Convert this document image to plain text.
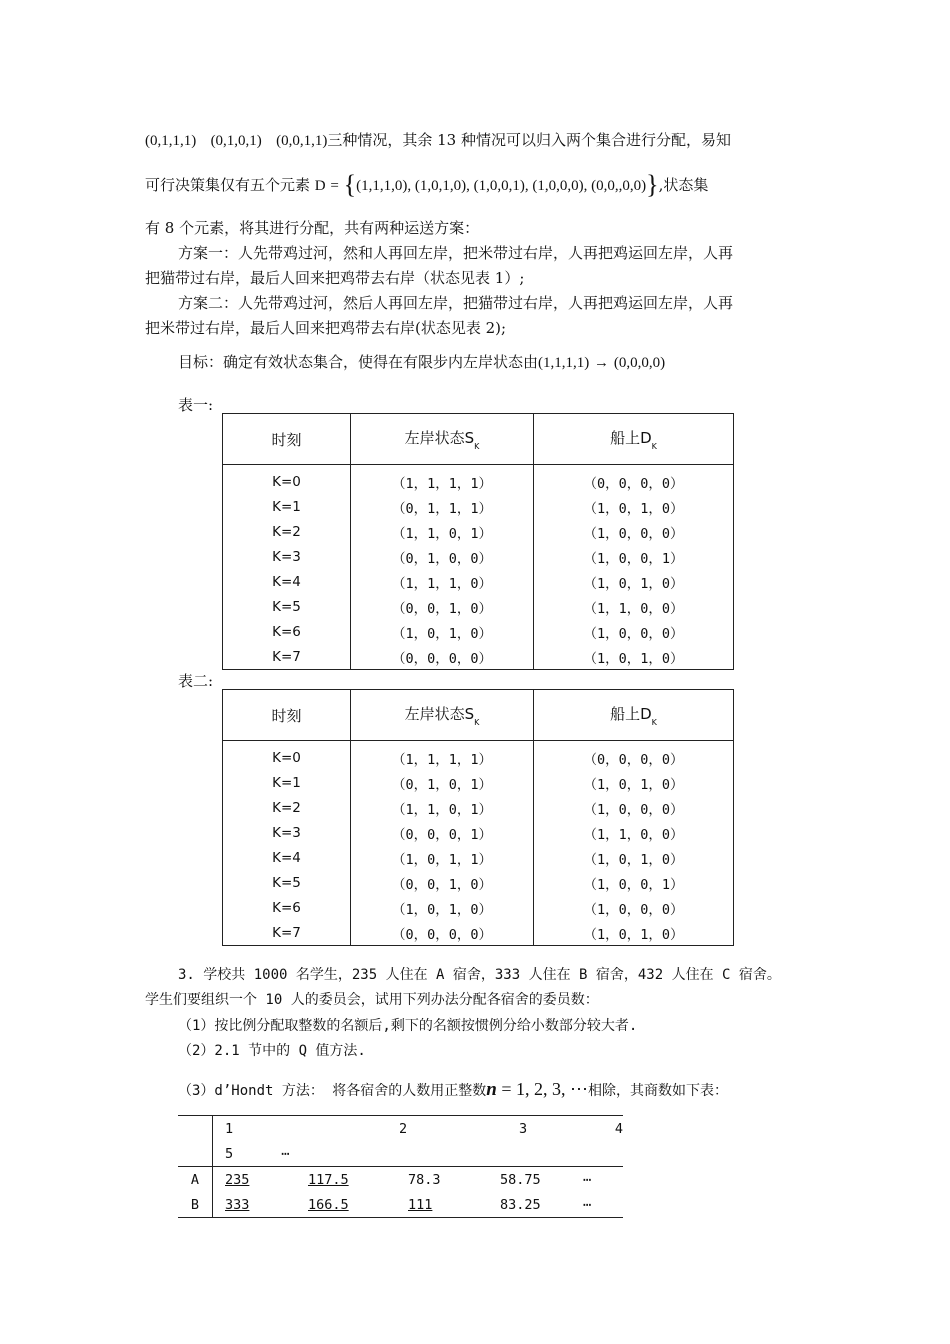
(0,1,1,1) (0,1,0,1) (0,0,1,1)三种情况，其余 13 种情况可以归入两个集合进行分配，易知
可行决策集仅有五个元素 D = {(1,1,1,0), (1,0,1,0), (1,0,0,1), (1,0,0,0), (0,0,,0,0)},状态集
有 8 个元素，将其进行分配，共有两种运送方案：
方案一：人先带鸡过河，然和人再回左岸，把米带过右岸，人再把鸡运回左岸，人再
把猫带过右岸，最后人回来把鸡带去右岸（状态见表 1）;
方案二：人先带鸡过河，然后人再回左岸，把猫带过右岸，人再把鸡运回左岸，人再
把米带过右岸，最后人回来把鸡带去右岸(状态见表 2);
目标：确定有效状态集合，使得在有限步内左岸状态由(1,1,1,1) → (0,0,0,0)
表一:
时刻	左岸状态$S_K$	船上$D_K$
K=0	（1，1，1，1）	（0，0，0，0）
K=1	（0，1，1，1）	（1，0，1，0）
K=2	（1，1，0，1）	（1，0，0，0）
K=3	（0，1，0，0）	（1，0，0，1）
K=4	（1，1，1，0）	（1，0，1，0）
K=5	（0，0，1，0）	（1，1，0，0）
K=6	（1，0，1，0）	（1，0，0，0）
K=7	（0，0，0，0）	（1，0，1，0）
表二:
时刻	左岸状态$S_K$	船上$D_K$
K=0	（1，1，1，1）	（0，0，0，0）
K=1	（0，1，0，1）	（1，0，1，0）
K=2	（1，1，0，1）	（1，0，0，0）
K=3	（0，0，0，1）	（1，1，0，0）
K=4	（1，0，1，1）	（1，0，1，0）
K=5	（0，0，1，0）	（1，0，0，1）
K=6	（1，0，1，0）	（1，0，0，0）
K=7	（0，0，0，0）	（1，0，1，0）
3. 学校共 1000 名学生，235 人住在 A 宿舍，333 人住在 B 宿舍，432 人住在 C 宿舍。
学生们要组织一个 10 人的委员会，试用下列办法分配各宿舍的委员数：
（1）按比例分配取整数的名额后,剩下的名额按惯例分给小数部分较大者.
（2）2.1 节中的 Q 值方法.
（3）d’Hondt 方法： 将各宿舍的人数用正整数n = 1, 2, 3, ⋯相除，其商数如下表：
	1	2	3	4
	5 ⋯			
A	235 117.5 78.3 58.75 ⋯			

B	333 166.5 111 83.25 ⋯			
